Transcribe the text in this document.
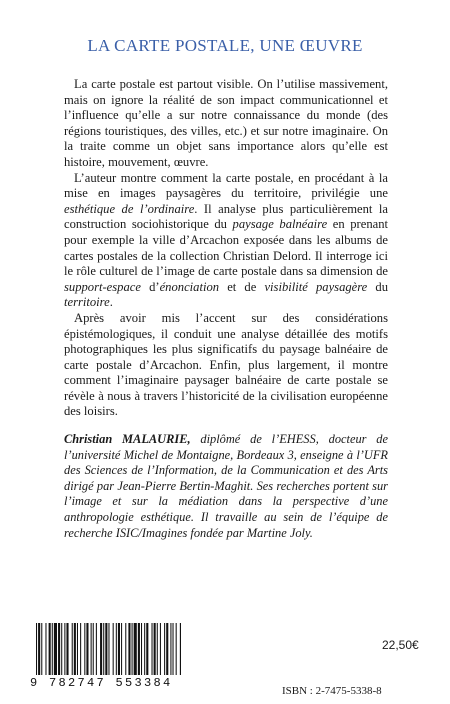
LA CARTE POSTALE, UNE ŒUVRE

La carte postale est partout visible. On l’utilise massivement, mais on ignore la réalité de son impact communicationnel et l’influence qu’elle a sur notre connaissance du monde (des régions touristiques, des villes, etc.) et sur notre imaginaire. On la traite comme un objet sans importance alors qu’elle est histoire, mouvement, œuvre.

L’auteur montre comment la carte postale, en procédant à la mise en images paysagères du territoire, privilégie une esthétique de l’ordinaire. Il analyse plus particulièrement la construction sociohistorique du paysage balnéaire en prenant pour exemple la ville d’Arcachon exposée dans les albums de cartes postales de la collection Christian Delord. Il interroge ici le rôle culturel de l’image de carte postale dans sa dimension de support-espace d’énonciation et de visibilité paysagère du territoire.

Après avoir mis l’accent sur des considérations épistémologiques, il conduit une analyse détaillée des motifs photographiques les plus significatifs du paysage balnéaire de carte postale d’Arcachon. Enfin, plus largement, il montre comment l’imaginaire paysager balnéaire de carte postale se révèle à nous à travers l’historicité de la civilisation européenne des loisirs.

Christian MALAURIE, diplômé de l’EHESS, docteur de l’université Michel de Montaigne, Bordeaux 3, enseigne à l’UFR des Sciences de l’Information, de la Communication et des Arts dirigé par Jean-Pierre Bertin-Maghit. Ses recherches portent sur l’image et sur la médiation dans la perspective d’une anthropologie esthétique. Il travaille au sein de l’équipe de recherche ISIC/Imagines fondée par Martine Joly.
9 782747 553384
22,50€
ISBN : 2-7475-5338-8
